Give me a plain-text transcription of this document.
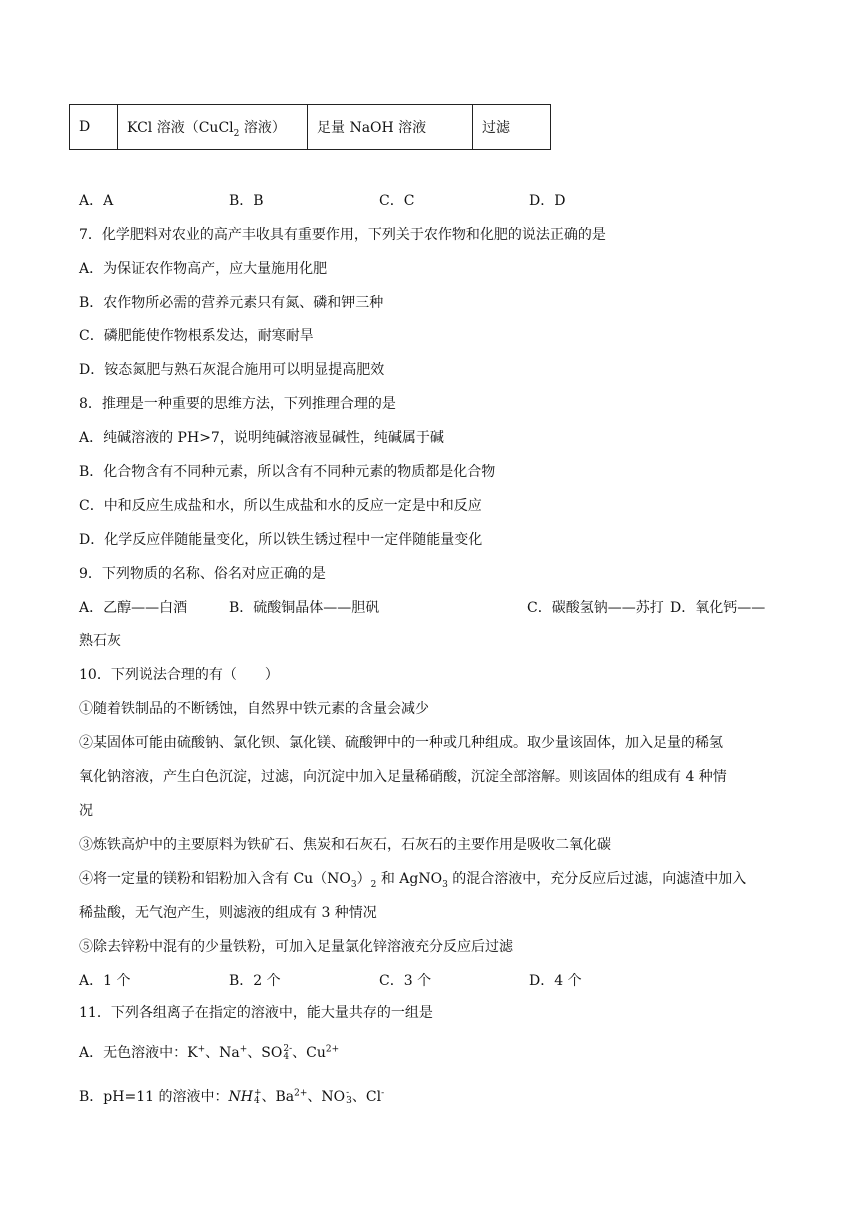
D	KCl 溶液（CuCl$_2$ 溶液）	足量 NaOH 溶液	过滤
A．A	B．B	C．C	D．D
7．化学肥料对农业的高产丰收具有重要作用，下列关于农作物和化肥的说法正确的是
A．为保证农作物高产，应大量施用化肥
B．农作物所必需的营养元素只有氮、磷和钾三种
C．磷肥能使作物根系发达，耐寒耐旱
D．铵态氮肥与熟石灰混合施用可以明显提高肥效
8．推理是一种重要的思维方法，下列推理合理的是
A．纯碱溶液的 PH>7，说明纯碱溶液显碱性，纯碱属于碱
B．化合物含有不同种元素，所以含有不同种元素的物质都是化合物
C．中和反应生成盐和水，所以生成盐和水的反应一定是中和反应
D．化学反应伴随能量变化，所以铁生锈过程中一定伴随能量变化
9．下列物质的名称、俗名对应正确的是
A．乙醇——白酒	B．硫酸铜晶体——胆矾	C．碳酸氢钠——苏打 D．氧化钙——
熟石灰
10．下列说法合理的有（　　）
①随着铁制品的不断锈蚀，自然界中铁元素的含量会减少
②某固体可能由硫酸钠、氯化钡、氯化镁、硫酸钾中的一种或几种组成。取少量该固体，加入足量的稀氢
氧化钠溶液，产生白色沉淀，过滤，向沉淀中加入足量稀硝酸，沉淀全部溶解。则该固体的组成有 4 种情
况
③炼铁高炉中的主要原料为铁矿石、焦炭和石灰石，石灰石的主要作用是吸收二氧化碳
④将一定量的镁粉和铝粉加入含有 $Cu(NO_3)_2$ 和 AgNO$_3$ 的混合溶液中，充分反应后过滤，向滤渣中加入
稀盐酸，无气泡产生，则滤液的组成有 3 种情况
⑤除去锌粉中混有的少量铁粉，可加入足量氯化锌溶液充分反应后过滤
A．1 个	B．2 个	C．3 个	D．4 个
11．下列各组离子在指定的溶液中，能大量共存的一组是
A．无色溶液中：K+、Na+、SO 2-
4 、$Cu^{2+}$
B．pH=11 的溶液中：NH +
4 、$Ba^{2+}$、NO -
3 、Cl-
